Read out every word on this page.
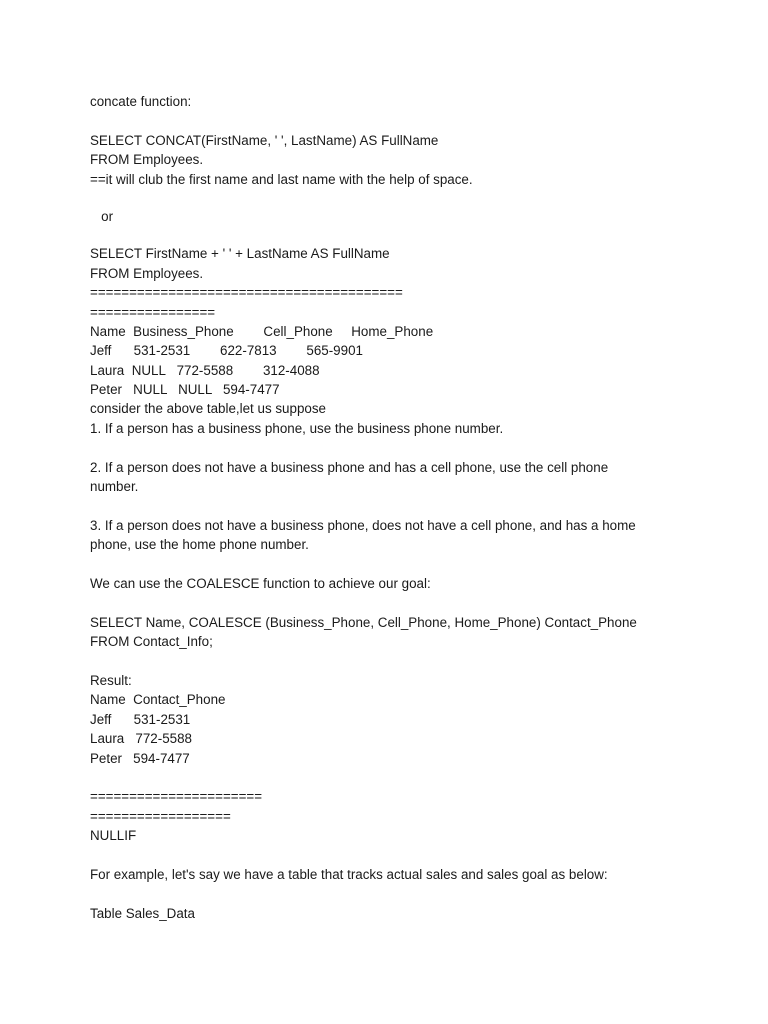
concate function:
SELECT CONCAT(FirstName, ' ', LastName) AS FullName
FROM Employees.
==it will club the first name and last name with the help of space.
or
SELECT FirstName + ' ' + LastName AS FullName
FROM Employees.
========================================
================
Name  Business_Phone        Cell_Phone     Home_Phone
Jeff      531-2531        622-7813        565-9901
Laura  NULL   772-5588        312-4088
Peter   NULL   NULL   594-7477
consider the above table,let us suppose
1. If a person has a business phone, use the business phone number.
2. If a person does not have a business phone and has a cell phone, use the cell phone
number.
3. If a person does not have a business phone, does not have a cell phone, and has a home
phone, use the home phone number.
We can use the COALESCE function to achieve our goal:
SELECT Name, COALESCE (Business_Phone, Cell_Phone, Home_Phone) Contact_Phone
FROM Contact_Info;
Result:
Name  Contact_Phone
Jeff      531-2531
Laura   772-5588
Peter   594-7477
======================
==================
NULLIF
For example, let's say we have a table that tracks actual sales and sales goal as below:
Table Sales_Data
